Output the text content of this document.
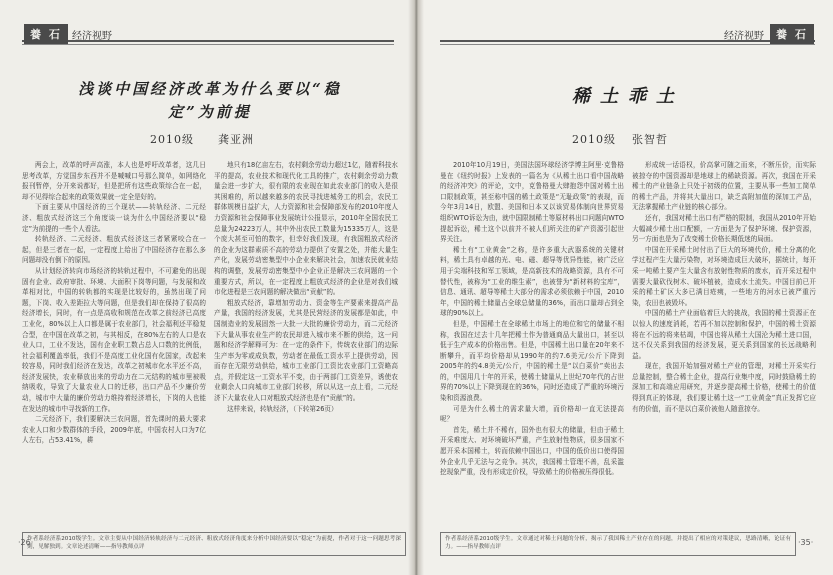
養 石	经济视野
浅谈中国经济改革为什么要以“稳
定”为前提
2010级 龚亚洲

两会上，改革的呼声高涨，本人也是呼吁改革者，这几日思考改革，方觉国步东西并不是喊喊口号那么简单，如网络化报刊暂停，分开来说都好，但是把所有这些政策综合在一起，却不见得综合起来的政策效果就一定全是好的。

下面主要从中国经济的三个现状——转轨经济、二元经济、粗放式经济这三个角度谈一谈为什么中国经济要以“稳定”为前提的一些个人看法。

转轨经济、二元经济、粗放式经济这三者紧紧咬合在一起，但是三者在一起，一定程度上给出了中国经济存在那么多问题却没有倒下的原因。

从计划经济转向市场经济的转轨过程中，不可避免的出现固有企业、政府审批、环境、大面积下岗等问题，与发展和改革相对比，中国的转轨都的实现是比较好的，虽然出现了问题，下岗、收入差距拉大等问题，但是我们却在保持了很高的经济增长，同时，有一点是高收和规范在改革之前经济已高度工业化，80%以上人口都是属于农业部门，社会福利还平稳复合型，在中国在改革之初，与其相反，在80%左右的人口是农业人口，工业不发达，国有企业职工数占总人口数的比例低，社会福利覆盖率低，我们不是高度工业化国有化国家，改起来较容易，同时我们经济在发达，改革之初城市化水平还不高，经济发展快，农业释放出来的劳动力在二元结构的城市里被吸纳吸收，导致了大量农业人口的迁移，出口产品不少廉价劳动，城市中大量的廉价劳动力维持着经济增长，下岗的人也能在发达的城市中寻找新的工作。

二元经济下，我们要解决三农问题，首先课时的最大要求农业人口和少数群体的手段，2009年底，中国农村人口为7亿人左右，占53.41%，耕

地只有18亿亩左右，农村剩余劳动力超过1亿，随着科技水平的提高，农业技术和现代化工具的推广，农村剩余劳动力数量会进一步扩大，很有限的农业现在如此农业部门的收入是很其困难的，所以越来越多的农民寻找进城务工的机会，农民工群体规模日益扩大，人力资源和社会保障部发布的2010年度人力资源和社会保障事业发展统计公报显示，2010年全国农民工总量为24223万人，其中外出农民工数量为15335万人，这是个庞大甚至可怕的数字，但幸好我们发现，有我国粗放式经济的企业为这群素质不高的劳动力提供了安置之处，并能大量生产化，发展劳动密集型中小企业来解决社会，加速农民就业结构的调整，发展劳动密集型中小企业正是解决三农问题的一个重要方式，所以，在一定程度上粗放式经济的企业是对我们城市化进程是三农问题的解决做出“贡献”的。

粗放式经济，靠增加劳动力、资金等生产要素来提高产品产量，我国的经济发展，尤其是民营经济的发展都是如此，中国制造业的发展固然一大批一大批的廉价劳动力，而二元经济下大量从事农业生产的农民却进入城市来不断的供给，这一问题和经济学解释可为：在一定的条件下，传统农业部门的边际生产率为零或成负数，劳动者在最低工资水平上提供劳动，因而存在无限劳动供给，城市工业部门工资比农业部门工资略高点，并假定这一工资水平不变，由于两部门工资差异，诱使农业剩余人口向城市工业部门转移，所以从这一点上看，二元经济下大量农业人口对粗放式经济也是有“贡献”的。

这样来说，转轨经济，（下转第26页）

作者系经济系2010级学生。文章主要从中国经济转轨经济与二元经济、粗放式经济角度来分析中国经济要以“稳定”为前提，作者对于这一问题思考深刻，见解独到。文章论述清晰——指导教师点评
·26·
经济视野	養 石
稀土乖土
2010级 张智哲

2010年10月19日，美国法国环球经济学博主阿里·克鲁格曼在《纽约时报》上发表的一篇名为《从稀土出口看中国战略的经济冲突》的评论，文中，克鲁格曼大肆抱怨中国对稀土出口限制政策，甚至称中国的稀土政策是“无耻政策”的表现，而今年3月14日，欧盟、美国和日本又以该贸易体制向世界贸易组织WTO诉讼为由，就中国限制稀土等原材料出口问题向WTO提起诉讼，稀土这个以前并不被人们所关注的矿产资源引起世界关注。

稀土有“工业黄金”之称，是许多重大武器系统的关键材料，稀土具有卓越的光、电、磁、超导等优异性能，被广泛应用于尖端科技和军工领域，是高新技术的战略资源，具有不可替代性，被称为“工业的维生素”，也被誉为“新材料的宝库”，信息、通讯、超导等稀土大部分的需求必须依赖于中国，2010年，中国的稀土储量占全球总储量的36%，而出口量却占到全球的90%以上。

但是，中国稀土在全球稀土市场上的地位和它的储量不相称，我国在过去十几年把稀土作为普通商品大量出口，甚至以低于生产成本的价格出售。但是，中国稀土出口量在20年来不断攀升，而平均价格却从1990年的约7.6美元/公斤下降到2005年的约4.8美元/公斤，中国的稀土是“以白菜价”卖出去的，中国用几十年的开采，使稀土储量从上世纪70年代的占世界的70%以上下降到现在的36%，同时还造成了严重的环境污染和资源浪费。

可是为什么稀土的需求量大增，而价格却一直无法提高呢？

首先，稀土并不稀有，国外也有很大的储量，但由于稀土开采难度大、对环境破坏严重，产生放射性物质，很多国家不愿开采本国稀土，转而依赖中国出口，中国的低价出口使得国外企业几乎无法与之竞争。其次，我国稀土管理不善，乱采滥挖现象严重，没有形成定价权，导致稀土的价格被压得很低。

形成统一话语权，价高掌可随之而来，不断压价，而实际被掠夺的中国资源却是地球上的稀缺资源。再次，我国在开采稀土的产业链条上只处于初级的位置，主要从事一些加工简单的稀土产品，并将其大量出口，缺乏高附加值的深加工产品，无法掌握稀土产业链的核心部分。

还有，我国对稀土出口有严格的限制，我国从2010年开始大幅减少稀土出口配额，一方面是为了保护环境、保护资源，另一方面也是为了改变稀土价格长期低迷的局面。

中国在开采稀土时付出了巨大的环境代价，稀土分离的化学过程产生大量污染物，对环境造成巨大破坏，据统计，每开采一吨稀土要产生大量含有放射性物质的废水，而开采过程中需要大量砍伐树木、破坏植被，造成水土流失。中国目前已开采的稀土矿区大多已满目疮痍，一些地方的河水已被严重污染，农田也被毁坏。

中国的稀土产业面临着巨大的挑战，我国的稀土资源正在以惊人的速度消耗，若再不加以控制和保护，中国的稀土资源将在不远的将来枯竭，中国也将从稀土大国沦为稀土进口国，这不仅关系到我国的经济发展，更关系到国家的长远战略利益。

现在，我国开始加强对稀土产业的管理，对稀土开采实行总量控制，整合稀土企业，提高行业集中度，同时鼓励稀土的深加工和高端应用研究，并逐步提高稀土价格，使稀土的价值得到真正的体现，我们要让稀土这一“工业黄金”真正发挥它应有的价值，而不是以白菜价被他人随意掠夺。

作者系经济系2010级学生。文章通过对稀土问题的分析，揭示了我国稀土产业存在的问题，并提出了相应的对策建议，思路清晰，论证有力。——指导教师点评	·35·
